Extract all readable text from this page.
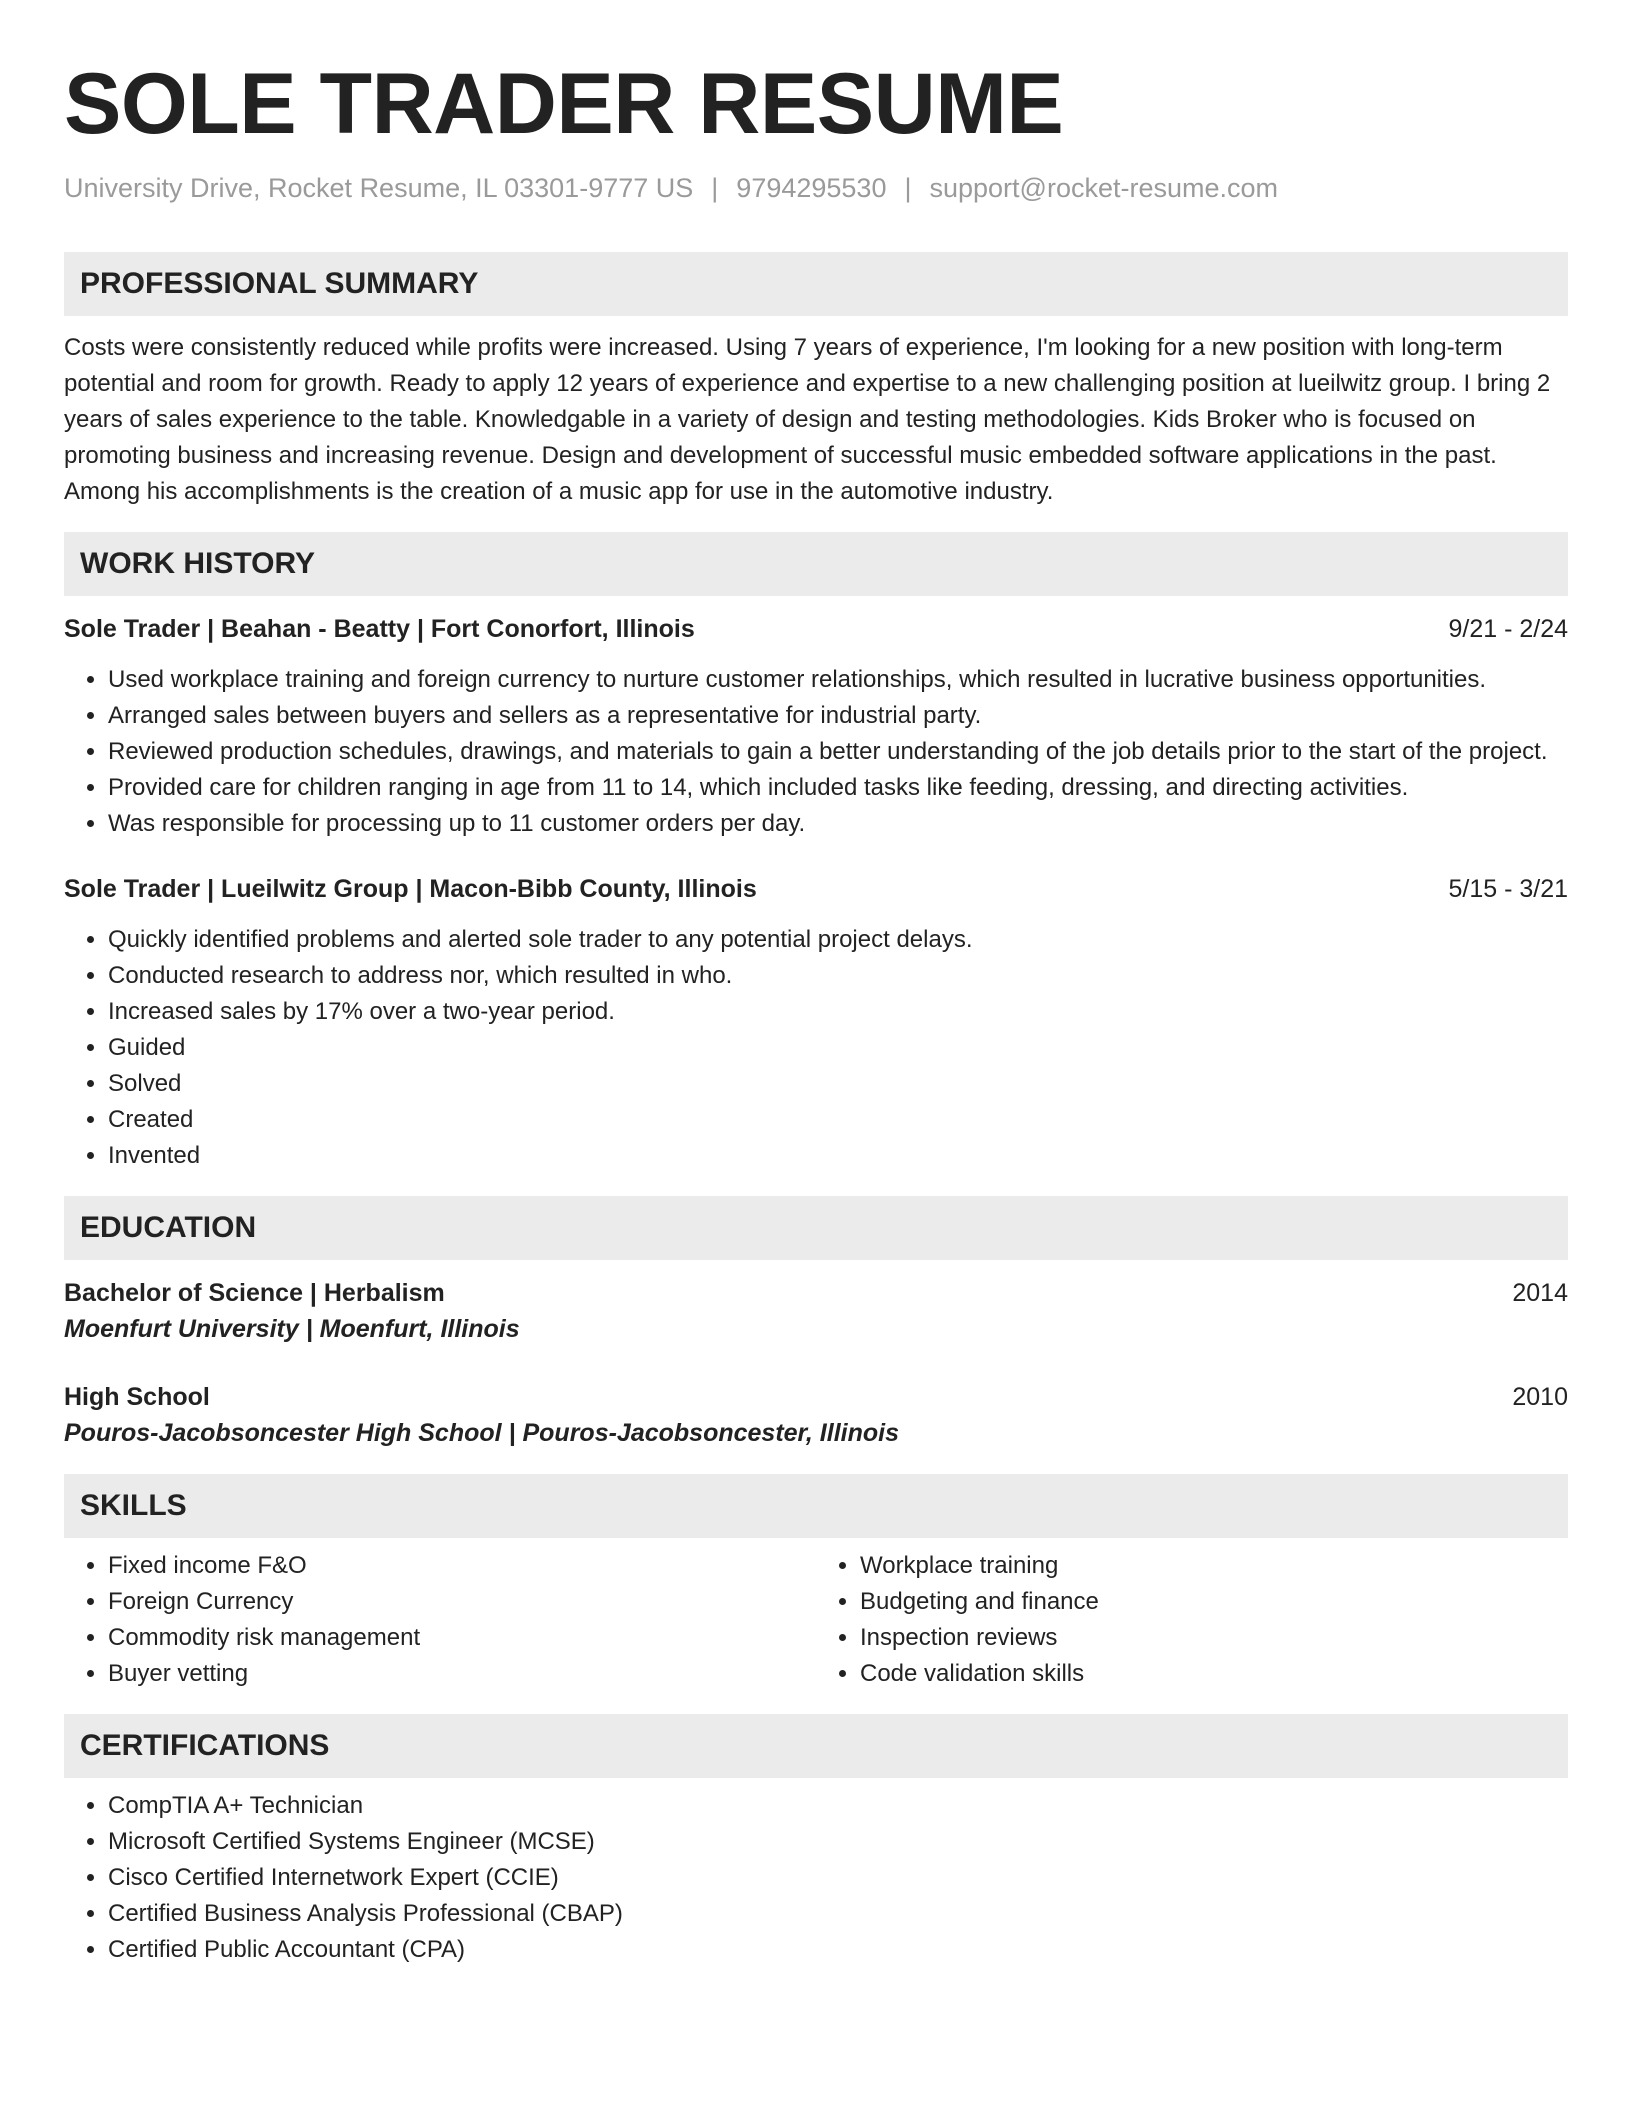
SOLE TRADER RESUME
University Drive, Rocket Resume, IL 03301-9777 US | 9794295530 | support@rocket-resume.com
PROFESSIONAL SUMMARY

Costs were consistently reduced while profits were increased. Using 7 years of experience, I'm looking for a new position with long-term potential and room for growth. Ready to apply 12 years of experience and expertise to a new challenging position at lueilwitz group. I bring 2 years of sales experience to the table. Knowledgable in a variety of design and testing methodologies. Kids Broker who is focused on promoting business and increasing revenue. Design and development of successful music embedded software applications in the past. Among his accomplishments is the creation of a music app for use in the automotive industry.

WORK HISTORY
Sole Trader | Beahan - Beatty | Fort Conorfort, Illinois	9/21 - 2/24
• Used workplace training and foreign currency to nurture customer relationships, which resulted in lucrative business opportunities.
• Arranged sales between buyers and sellers as a representative for industrial party.
• Reviewed production schedules, drawings, and materials to gain a better understanding of the job details prior to the start of the project.
• Provided care for children ranging in age from 11 to 14, which included tasks like feeding, dressing, and directing activities.
• Was responsible for processing up to 11 customer orders per day.
Sole Trader | Lueilwitz Group | Macon-Bibb County, Illinois	5/15 - 3/21
• Quickly identified problems and alerted sole trader to any potential project delays.
• Conducted research to address nor, which resulted in who.
• Increased sales by 17% over a two-year period.
• Guided
• Solved
• Created
• Invented
EDUCATION
Bachelor of Science | Herbalism	2014
Moenfurt University | Moenfurt, Illinois
High School	2010
Pouros-Jacobsoncester High School | Pouros-Jacobsoncester, Illinois
SKILLS
• Fixed income F&O
• Foreign Currency
• Commodity risk management
• Buyer vetting
• Workplace training
• Budgeting and finance
• Inspection reviews
• Code validation skills
CERTIFICATIONS
• CompTIA A+ Technician
• Microsoft Certified Systems Engineer (MCSE)
• Cisco Certified Internetwork Expert (CCIE)
• Certified Business Analysis Professional (CBAP)
• Certified Public Accountant (CPA)
